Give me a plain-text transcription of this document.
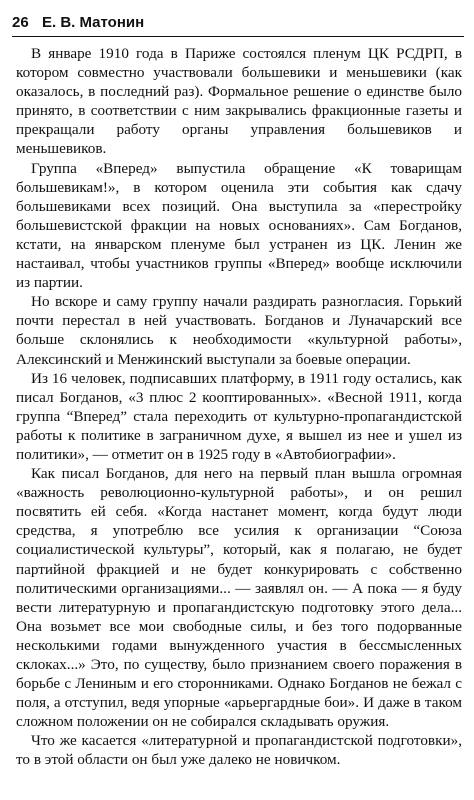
26 Е. В. Матонин

В январе 1910 года в Париже состоялся пленум ЦК РСДРП, в котором совместно участвовали большевики и меньшевики (как оказалось, в последний раз). Формальное решение о единстве было принято, в соответствии с ним закрывались фракционные газеты и прекращали работу органы управления большевиков и меньшевиков.

Группа «Вперед» выпустила обращение «К товарищам большевикам!», в котором оценила эти события как сдачу большевиками всех позиций. Она выступила за «перестройку большевистской фракции на новых основаниях». Сам Богданов, кстати, на январском пленуме был устранен из ЦК. Ленин же настаивал, чтобы участников группы «Вперед» вообще исключили из партии.

Но вскоре и саму группу начали раздирать разногласия. Горький почти перестал в ней участвовать. Богданов и Луначарский все больше склонялись к необходимости «культурной работы», Алексинский и Менжинский выступали за боевые операции.

Из 16 человек, подписавших платформу, в 1911 году остались, как писал Богданов, «3 плюс 2 кооптированных». «Весной 1911, когда группа “Вперед” стала переходить от культурно-пропагандистской работы к политике в заграничном духе, я вышел из нее и ушел из политики», — отметит он в 1925 году в «Автобиографии».

Как писал Богданов, для него на первый план вышла огромная «важность революционно-культурной работы», и он решил посвятить ей себя. «Когда настанет момент, когда будут люди средства, я употреблю все усилия к организации “Союза социалистической культуры”, который, как я полагаю, не будет партийной фракцией и не будет конкурировать с собственно политическими организациями... — заявлял он. — А пока — я буду вести литературную и пропагандистскую подготовку этого дела... Она возьмет все мои свободные силы, и без того подорванные несколькими годами вынужденного участия в бессмысленных склоках...» Это, по существу, было признанием своего поражения в борьбе с Лениным и его сторонниками. Однако Богданов не бежал с поля, а отступил, ведя упорные «арьергардные бои». И даже в таком сложном положении он не собирался складывать оружия.

Что же касается «литературной и пропагандистской подготовки», то в этой области он был уже далеко не новичком.
